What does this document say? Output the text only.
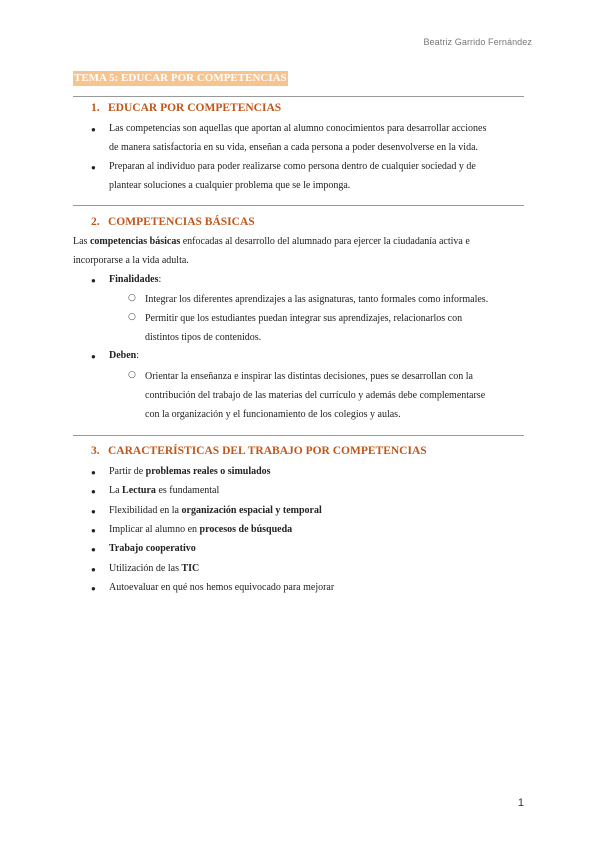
Beatriz Garrido Fernández
TEMA 5: EDUCAR POR COMPETENCIAS
1. EDUCAR POR COMPETENCIAS
● Las competencias son aquellas que aportan al alumno conocimientos para desarrollar acciones
de manera satisfactoria en su vida, enseñan a cada persona a poder desenvolverse en la vida.
● Preparan al individuo para poder realizarse como persona dentro de cualquier sociedad y de
plantear soluciones a cualquier problema que se le imponga.
2. COMPETENCIAS BÁSICAS
Las competencias básicas enfocadas al desarrollo del alumnado para ejercer la ciudadanía activa e
incorporarse a la vida adulta.
● Finalidades:
○ Integrar los diferentes aprendizajes a las asignaturas, tanto formales como informales.
○ Permitir que los estudiantes puedan integrar sus aprendizajes, relacionarlos con
distintos tipos de contenidos.
● Deben:
○ Orientar la enseñanza e inspirar las distintas decisiones, pues se desarrollan con la
contribución del trabajo de las materias del currículo y además debe complementarse
con la organización y el funcionamiento de los colegios y aulas.
3. CARACTERÍSTICAS DEL TRABAJO POR COMPETENCIAS
● Partir de problemas reales o simulados
● La Lectura es fundamental
● Flexibilidad en la organización espacial y temporal
● Implicar al alumno en procesos de búsqueda
● Trabajo cooperativo
● Utilización de las TIC
● Autoevaluar en qué nos hemos equivocado para mejorar
1
